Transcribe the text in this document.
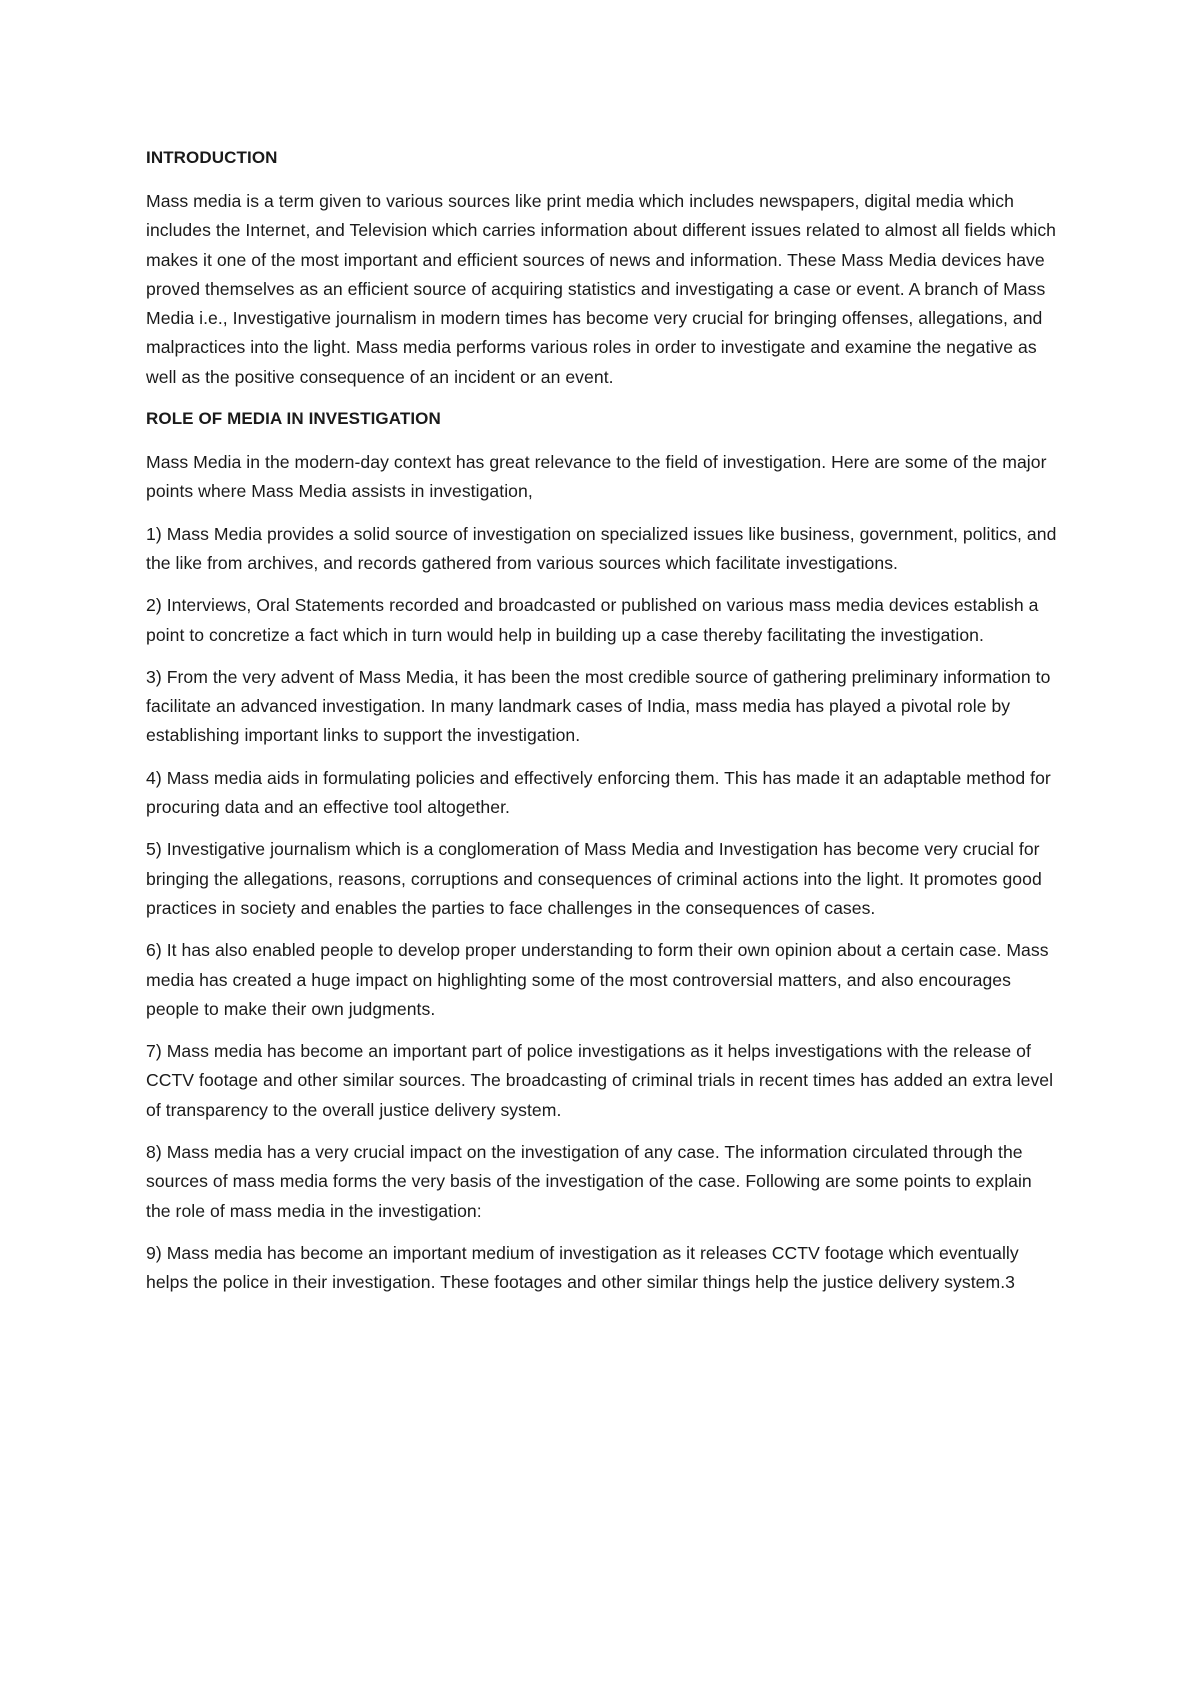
INTRODUCTION

Mass media is a term given to various sources like print media which includes newspapers, digital media which includes the Internet, and Television which carries information about different issues related to almost all fields which makes it one of the most important and efficient sources of news and information. These Mass Media devices have proved themselves as an efficient source of acquiring statistics and investigating a case or event. A branch of Mass Media i.e., Investigative journalism in modern times has become very crucial for bringing offenses, allegations, and malpractices into the light. Mass media performs various roles in order to investigate and examine the negative as well as the positive consequence of an incident or an event.

ROLE OF MEDIA IN INVESTIGATION

Mass Media in the modern-day context has great relevance to the field of investigation. Here are some of the major points where Mass Media assists in investigation,

1) Mass Media provides a solid source of investigation on specialized issues like business, government, politics, and the like from archives, and records gathered from various sources which facilitate investigations.

2) Interviews, Oral Statements recorded and broadcasted or published on various mass media devices establish a point to concretize a fact which in turn would help in building up a case thereby facilitating the investigation.

3) From the very advent of Mass Media, it has been the most credible source of gathering preliminary information to facilitate an advanced investigation. In many landmark cases of India, mass media has played a pivotal role by establishing important links to support the investigation.

4) Mass media aids in formulating policies and effectively enforcing them. This has made it an adaptable method for procuring data and an effective tool altogether.

5) Investigative journalism which is a conglomeration of Mass Media and Investigation has become very crucial for bringing the allegations, reasons, corruptions and consequences of criminal actions into the light. It promotes good practices in society and enables the parties to face challenges in the consequences of cases.

6) It has also enabled people to develop proper understanding to form their own opinion about a certain case. Mass media has created a huge impact on highlighting some of the most controversial matters, and also encourages people to make their own judgments.

7) Mass media has become an important part of police investigations as it helps investigations with the release of CCTV footage and other similar sources. The broadcasting of criminal trials in recent times has added an extra level of transparency to the overall justice delivery system.

8) Mass media has a very crucial impact on the investigation of any case. The information circulated through the sources of mass media forms the very basis of the investigation of the case. Following are some points to explain the role of mass media in the investigation:

9) Mass media has become an important medium of investigation as it releases CCTV footage which eventually helps the police in their investigation. These footages and other similar things help the justice delivery system.3
